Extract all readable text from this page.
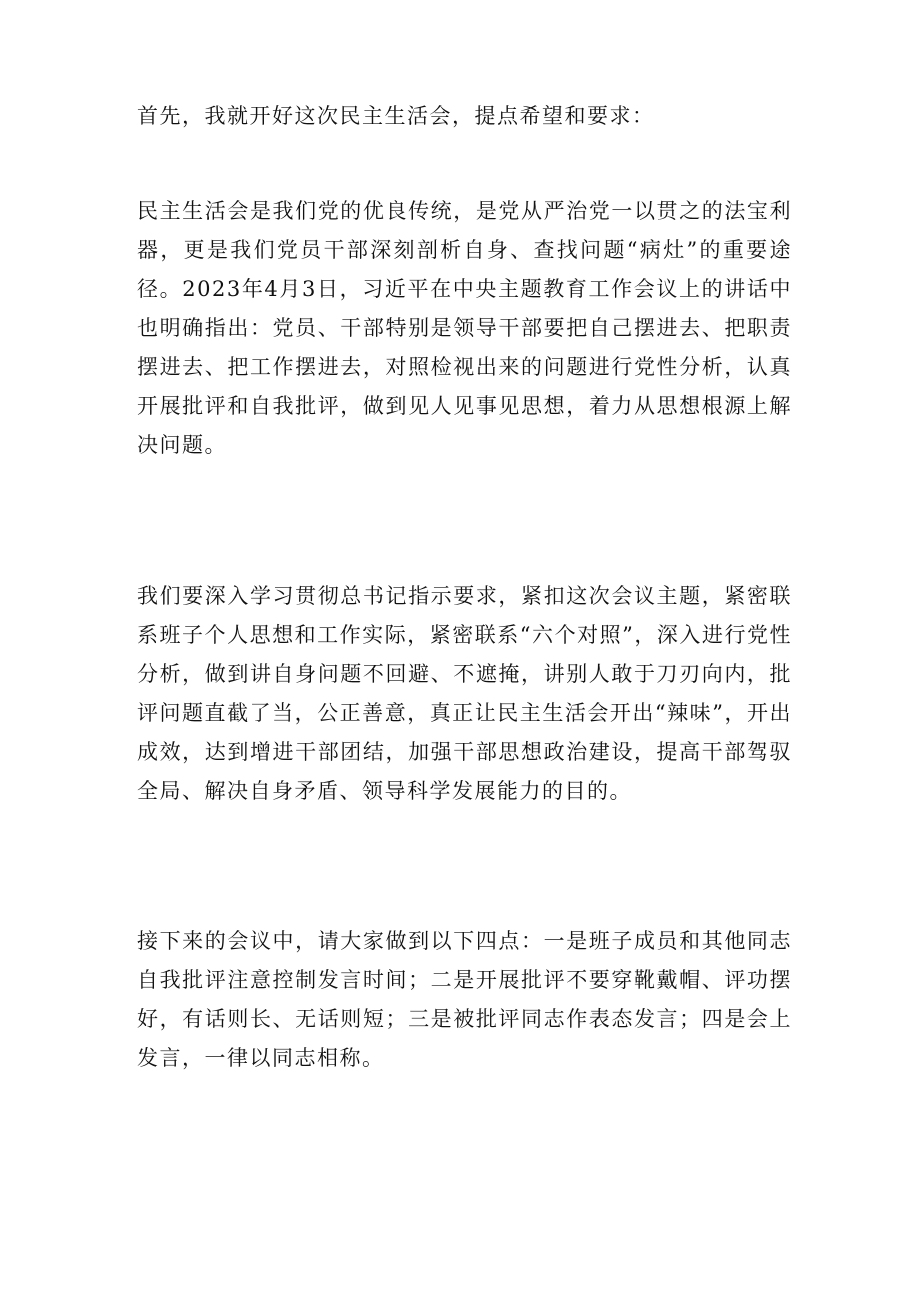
首先，我就开好这次民主生活会，提点希望和要求：

民主生活会是我们党的优良传统，是党从严治党一以贯之的法宝利器，更是我们党员干部深刻剖析自身、查找问题“病灶”的重要途径。2023年4月3日，习近平在中央主题教育工作会议上的讲话中也明确指出：党员、干部特别是领导干部要把自己摆进去、把职责摆进去、把工作摆进去，对照检视出来的问题进行党性分析，认真开展批评和自我批评，做到见人见事见思想，着力从思想根源上解决问题。

我们要深入学习贯彻总书记指示要求，紧扣这次会议主题，紧密联系班子个人思想和工作实际，紧密联系“六个对照”，深入进行党性分析，做到讲自身问题不回避、不遮掩，讲别人敢于刀刃向内，批评问题直截了当，公正善意，真正让民主生活会开出“辣味”，开出成效，达到增进干部团结，加强干部思想政治建设，提高干部驾驭全局、解决自身矛盾、领导科学发展能力的目的。

接下来的会议中，请大家做到以下四点：一是班子成员和其他同志自我批评注意控制发言时间；二是开展批评不要穿靴戴帽、评功摆好，有话则长、无话则短；三是被批评同志作表态发言；四是会上发言，一律以同志相称。
